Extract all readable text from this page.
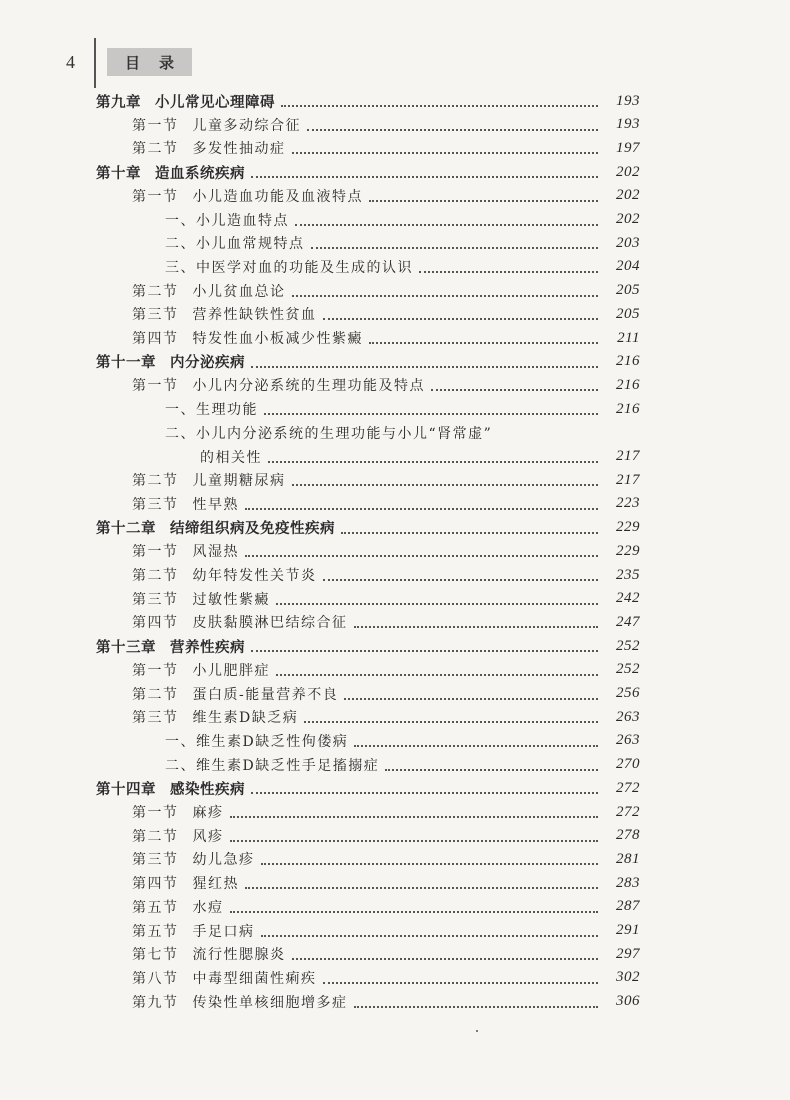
4	目 录
第九章 小儿常见心理障碍	193
第一节 儿童多动综合征	193
第二节 多发性抽动症	197
第十章 造血系统疾病	202
第一节 小儿造血功能及血液特点	202
一、小儿造血特点	202
二、小儿血常规特点	203
三、中医学对血的功能及生成的认识	204
第二节 小儿贫血总论	205
第三节 营养性缺铁性贫血	205
第四节 特发性血小板减少性紫癜	211
第十一章 内分泌疾病	216
第一节 小儿内分泌系统的生理功能及特点	216
一、生理功能	216
二、小儿内分泌系统的生理功能与小儿“肾常虚”
的相关性	217
第二节 儿童期糖尿病	217
第三节 性早熟	223
第十二章 结缔组织病及免疫性疾病	229
第一节 风湿热	229
第二节 幼年特发性关节炎	235
第三节 过敏性紫癜	242
第四节 皮肤黏膜淋巴结综合征	247
第十三章 营养性疾病	252
第一节 小儿肥胖症	252
第二节 蛋白质-能量营养不良	256
第三节 维生素D缺乏病	263
一、维生素D缺乏性佝偻病	263
二、维生素D缺乏性手足搐搦症	270
第十四章 感染性疾病	272
第一节 麻疹	272
第二节 风疹	278
第三节 幼儿急疹	281
第四节 猩红热	283
第五节 水痘	287
第五节 手足口病	291
第七节 流行性腮腺炎	297
第八节 中毒型细菌性痢疾	302
第九节 传染性单核细胞增多症	306
